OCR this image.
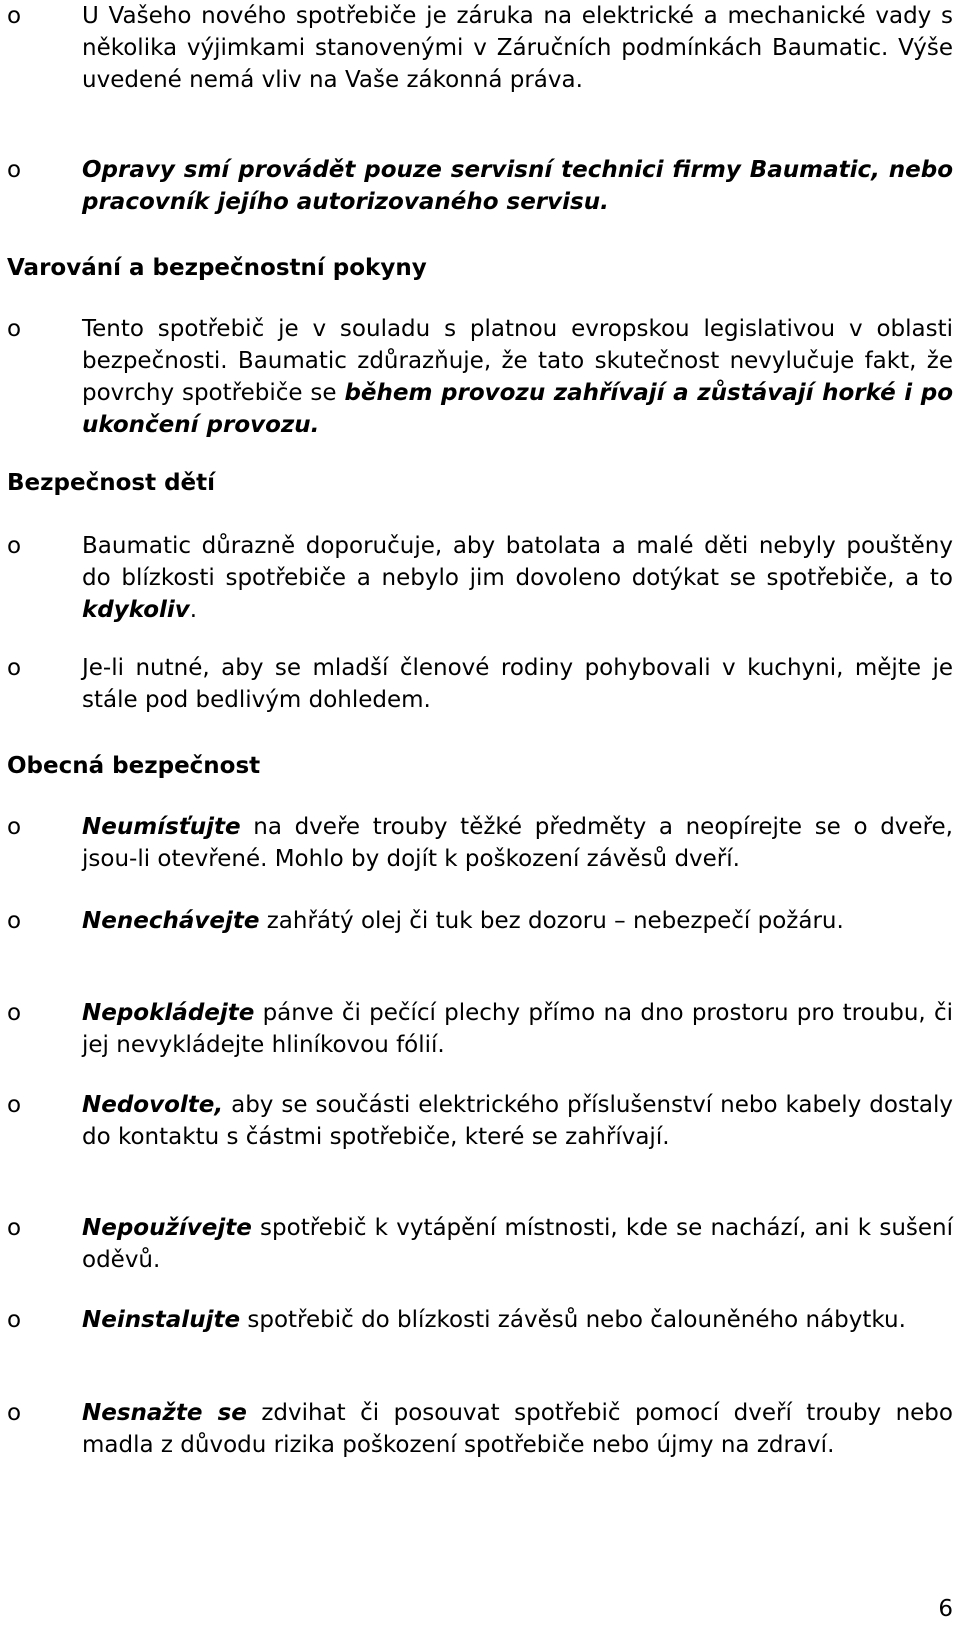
o	U Vašeho nového spotřebiče je záruka na elektrické a mechanické vady s několika výjimkami stanovenými v Záručních podmínkách Baumatic. Výše uvedené nemá vliv na Vaše zákonná práva.
o	Opravy smí provádět pouze servisní technici firmy Baumatic, nebo pracovník jejího autorizovaného servisu.
Varování a bezpečnostní pokyny
o	Tento spotřebič je v souladu s platnou evropskou legislativou v oblasti bezpečnosti. Baumatic zdůrazňuje, že tato skutečnost nevylučuje fakt, že povrchy spotřebiče se během provozu zahřívají a zůstávají horké i po ukončení provozu.
Bezpečnost dětí
o	Baumatic důrazně doporučuje, aby batolata a malé děti nebyly pouštěny do blízkosti spotřebiče a nebylo jim dovoleno dotýkat se spotřebiče, a to kdykoliv.
o	Je-li nutné, aby se mladší členové rodiny pohybovali v kuchyni, mějte je stále pod bedlivým dohledem.
Obecná bezpečnost
o	Neumísťujte na dveře trouby těžké předměty a neopírejte se o dveře, jsou-li otevřené. Mohlo by dojít k poškození závěsů dveří.
o	Nenechávejte zahřátý olej či tuk bez dozoru – nebezpečí požáru.
o	Nepokládejte pánve či pečící plechy přímo na dno prostoru pro troubu, či jej nevykládejte hliníkovou fólií.
o	Nedovolte, aby se součásti elektrického příslušenství nebo kabely dostaly do kontaktu s částmi spotřebiče, které se zahřívají.
o	Nepoužívejte spotřebič k vytápění místnosti, kde se nachází, ani k sušení oděvů.
o	Neinstalujte spotřebič do blízkosti závěsů nebo čalouněného nábytku.
o	Nesnažte se zdvihat či posouvat spotřebič pomocí dveří trouby nebo madla z důvodu rizika poškození spotřebiče nebo újmy na zdraví.
6
